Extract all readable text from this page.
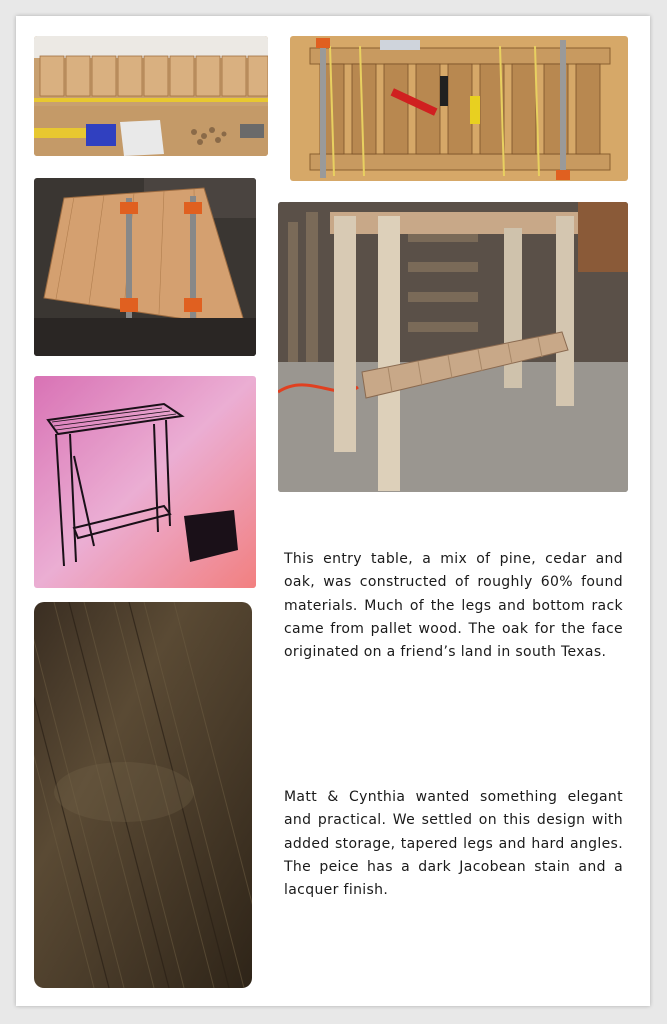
This entry table, a mix of pine, cedar and oak, was constructed of roughly 60% found materials. Much of the legs and bottom rack came from pallet wood. The oak for the face originated on a friend’s land in south Texas.
Matt & Cynthia wanted something elegant and practical. We settled on this design with added storage, tapered legs and hard angles. The peice has a dark Jacobean stain and a lacquer finish.
